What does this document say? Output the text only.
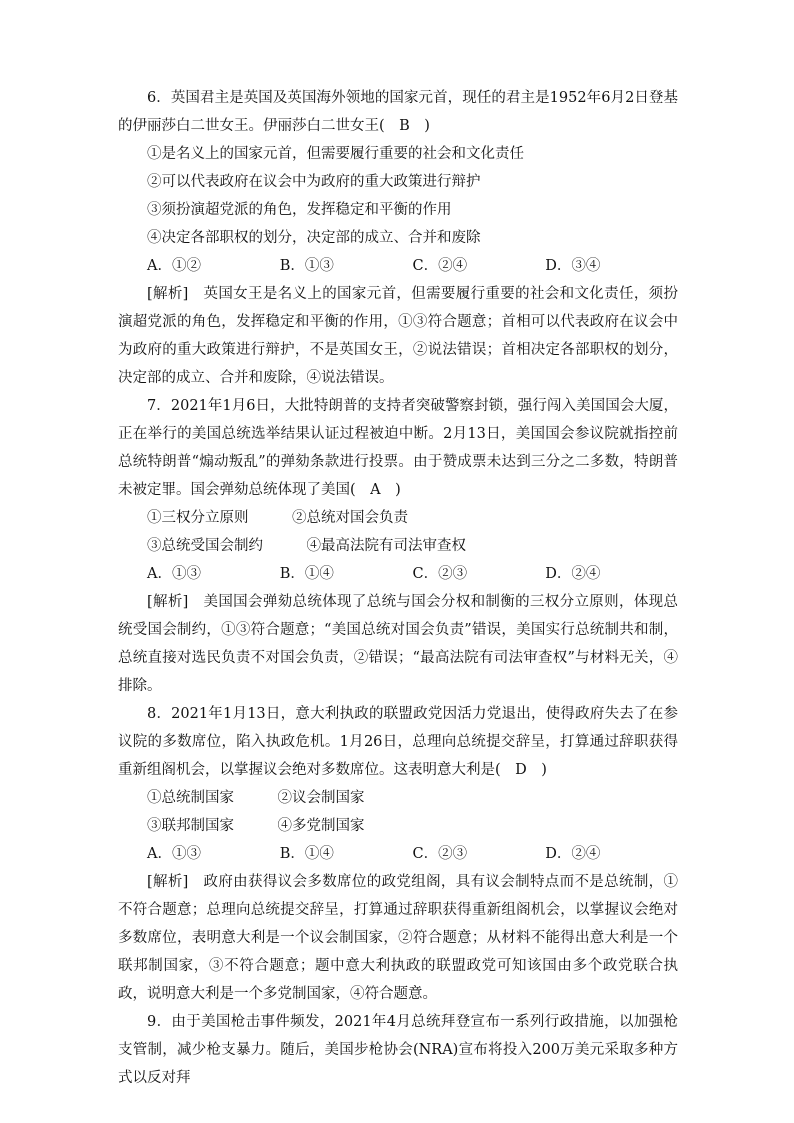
6．英国君主是英国及英国海外领地的国家元首，现任的君主是1952年6月2日登基的伊丽莎白二世女王。伊丽莎白二世女王(　B　)

①是名义上的国家元首，但需要履行重要的社会和文化责任

②可以代表政府在议会中为政府的重大政策进行辩护

③须扮演超党派的角色，发挥稳定和平衡的作用

④决定各部职权的划分，决定部的成立、合并和废除

A．①②	B．①③	C．②④	D．③④

[解析]　英国女王是名义上的国家元首，但需要履行重要的社会和文化责任，须扮演超党派的角色，发挥稳定和平衡的作用，①③符合题意；首相可以代表政府在议会中为政府的重大政策进行辩护，不是英国女王，②说法错误；首相决定各部职权的划分，决定部的成立、合并和废除，④说法错误。

7．2021年1月6日，大批特朗普的支持者突破警察封锁，强行闯入美国国会大厦，正在举行的美国总统选举结果认证过程被迫中断。2月13日，美国国会参议院就指控前总统特朗普“煽动叛乱”的弹劾条款进行投票。由于赞成票未达到三分之二多数，特朗普未被定罪。国会弹劾总统体现了美国(　A　)

①三权分立原则　　　②总统对国会负责

③总统受国会制约　　　④最高法院有司法审查权

A．①③	B．①④	C．②③	D．②④

[解析]　美国国会弹劾总统体现了总统与国会分权和制衡的三权分立原则，体现总统受国会制约，①③符合题意；“美国总统对国会负责”错误，美国实行总统制共和制，总统直接对选民负责不对国会负责，②错误；“最高法院有司法审查权”与材料无关，④排除。

8．2021年1月13日，意大利执政的联盟政党因活力党退出，使得政府失去了在参议院的多数席位，陷入执政危机。1月26日，总理向总统提交辞呈，打算通过辞职获得重新组阁机会，以掌握议会绝对多数席位。这表明意大利是(　D　)

①总统制国家　　　②议会制国家

③联邦制国家　　　④多党制国家

A．①③	B．①④	C．②③	D．②④

[解析]　政府由获得议会多数席位的政党组阁，具有议会制特点而不是总统制，①不符合题意；总理向总统提交辞呈，打算通过辞职获得重新组阁机会，以掌握议会绝对多数席位，表明意大利是一个议会制国家，②符合题意；从材料不能得出意大利是一个联邦制国家，③不符合题意；题中意大利执政的联盟政党可知该国由多个政党联合执政，说明意大利是一个多党制国家，④符合题意。

9．由于美国枪击事件频发，2021年4月总统拜登宣布一系列行政措施，以加强枪支管制，减少枪支暴力。随后，美国步枪协会(NRA)宣布将投入200万美元采取多种方式以反对拜
